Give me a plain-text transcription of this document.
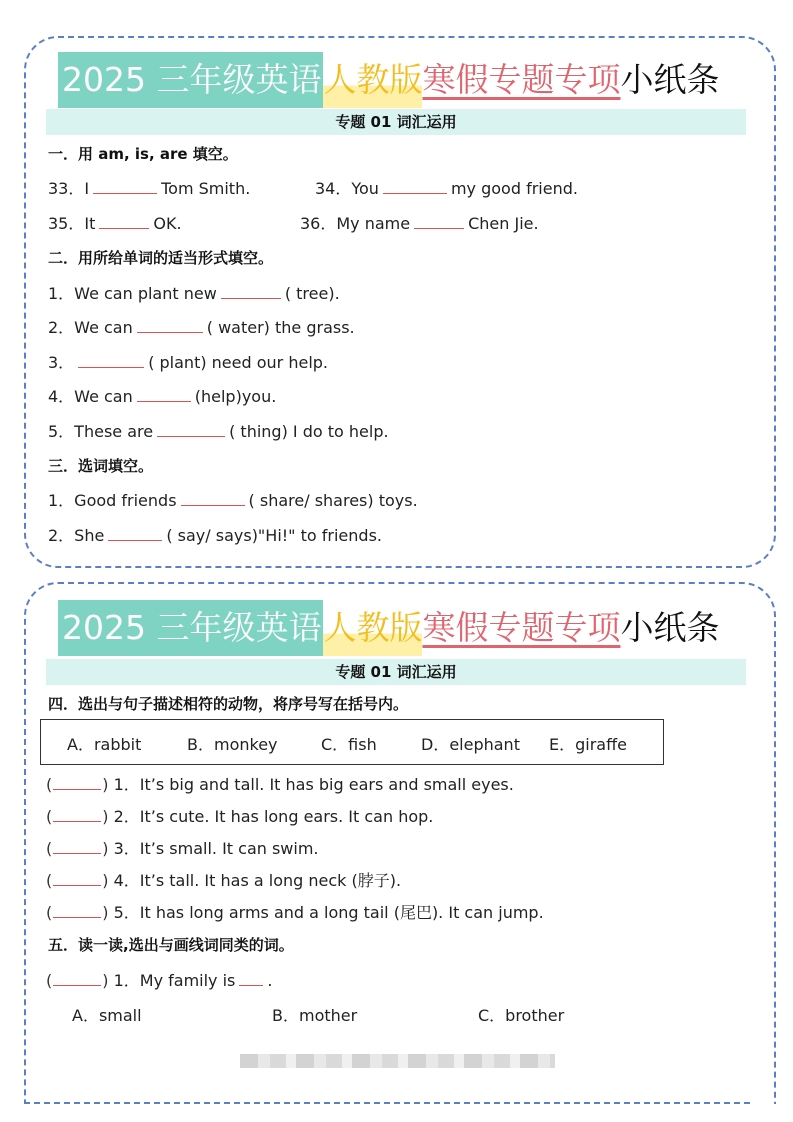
2025 三年级英语 人教版 寒假专题专项 小纸条
专题 01 词汇运用
一．用 am, is, are 填空。
33．I	Tom Smith.	34．You	my good friend.
35．It	OK.	36．My name	Chen Jie.
二．用所给单词的适当形式填空。
1．We can plant new	( tree).
2．We can	( water) the grass.
3．	( plant) need our help.
4．We can	(help)you.
5．These are	( thing) I do to help.
三．选词填空。
1．Good friends	( share/ shares) toys.
2．She	( say/ says)"Hi!" to friends.
2025 三年级英语 人教版 寒假专题专项 小纸条
专题 01 词汇运用
四．选出与句子描述相符的动物，将序号写在括号内。
A．rabbit	B．monkey	C．fish	D．elephant E．giraffe
(	) 1．It’s big and tall. It has big ears and small eyes.
(	) 2．It’s cute. It has long ears. It can hop.
(	) 3．It’s small. It can swim.
(	) 4．It’s tall. It has a long neck (脖子).
(	) 5．It has long arms and a long tail (尾巴). It can jump.
五．读一读,选出与画线词同类的词。
(	) 1．My family is .
A．small	B．mother	C．brother
